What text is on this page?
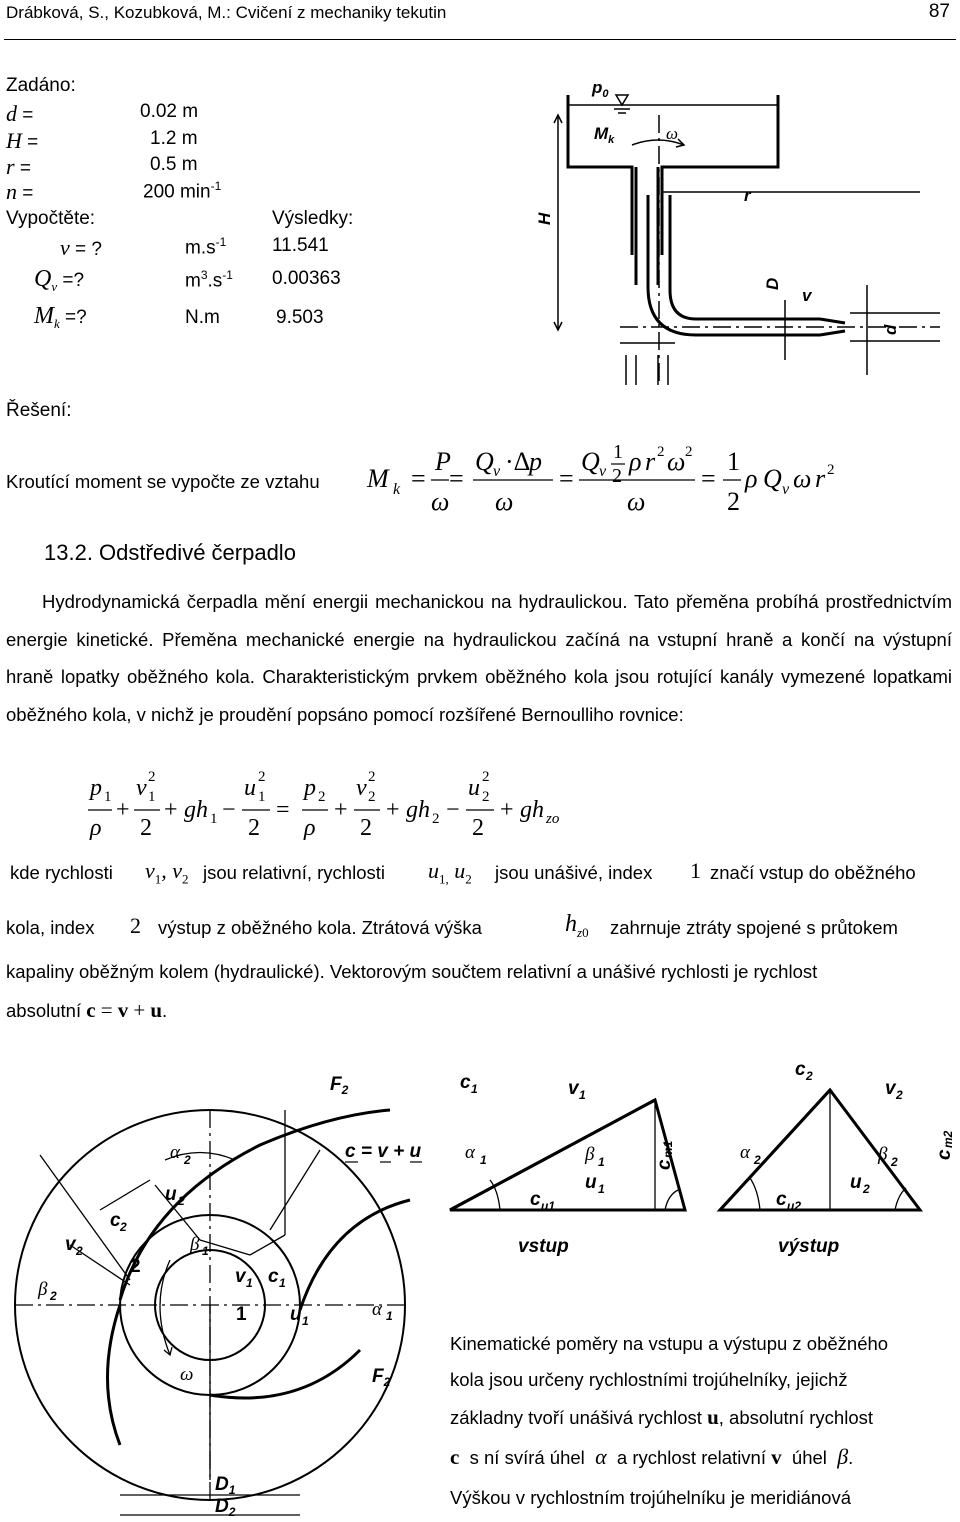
Drábková, S., Kozubková, M.: Cvičení z mechaniky tekutin	87
Zadáno:
d =	0.02 m
H =	1.2 m
r =	0.5 m
n =	200 $\min^{-1}$
Vypočtěte:	Výsledky:
v = ?	$m.s^{-1}$ 11.541
$Q_v$ =?	$m^3.s^{-1}$ 0.00363
$M_k$ =?	N.m	9.503
$p_0$
$M_k$	ω
H
r
D
v
d
Řešení:
Kroutící moment se vypočte ze vztahu M k =
P
ω
=
Q v ·Δ
p
ω
=
Q v
1
2 ρ r 2 ω 2
ω
=
1
2
ρ Q v ω r 2
13.2. Odstředivé čerpadlo
Hydrodynamická čerpadla mění energii mechanickou na hydraulickou. Tato přeměna probíhá prostřednictvím energie kinetické. Přeměna mechanické energie na hydraulickou začíná na vstupní hraně a končí na výstupní hraně lopatky oběžného kola. Charakteristickým prvkem oběžného kola jsou rotující kanály vymezené lopatkami oběžného kola, v nichž je proudění popsáno pomocí rozšířené Bernoulliho rovnice:
p 1
ρ
+
v 1
2
2
+ gh 1 −
u 1
2
2
=
p 2
ρ
+
v 2
2
2
+ gh 2 −
u 2
2
2
+ gh zo
kde rychlosti $v_1$, $v_2$ jsou relativní, rychlosti $u_{1,}$ $u_2$ jsou unášivé, index 1 značí vstup do oběžného
kola, index 2 výstup z oběžného kola. Ztrátová výška	$h_{z0}$ zahrnuje ztráty spojené s průtokem
kapaliny oběžným kolem (hydraulické). Vektorovým součtem relativní a unášivé rychlosti je rychlost
absolutní c = v + u.
$F_2$
α 2
u 2
c 2
v 2
2
β 1
v 1 c 1
β 2
1 u 1
α 1
ω	$F_2$
$D_1$
$D_2$
c = v + u
c 1	v 1
c
m1
α 1	β 1
c u1
u 1
vstup
c 2
v 2
c
m2
α 2	β 2
c u2
u 2
výstup
Kinematické poměry na vstupu a výstupu z oběžného
kola jsou určeny rychlostními trojúhelníky, jejichž
základny tvoří unášivá rychlost u, absolutní rychlost
c s ní svírá úhel α a rychlost relativní v úhel β.
Výškou v rychlostním trojúhelníku je meridiánová
